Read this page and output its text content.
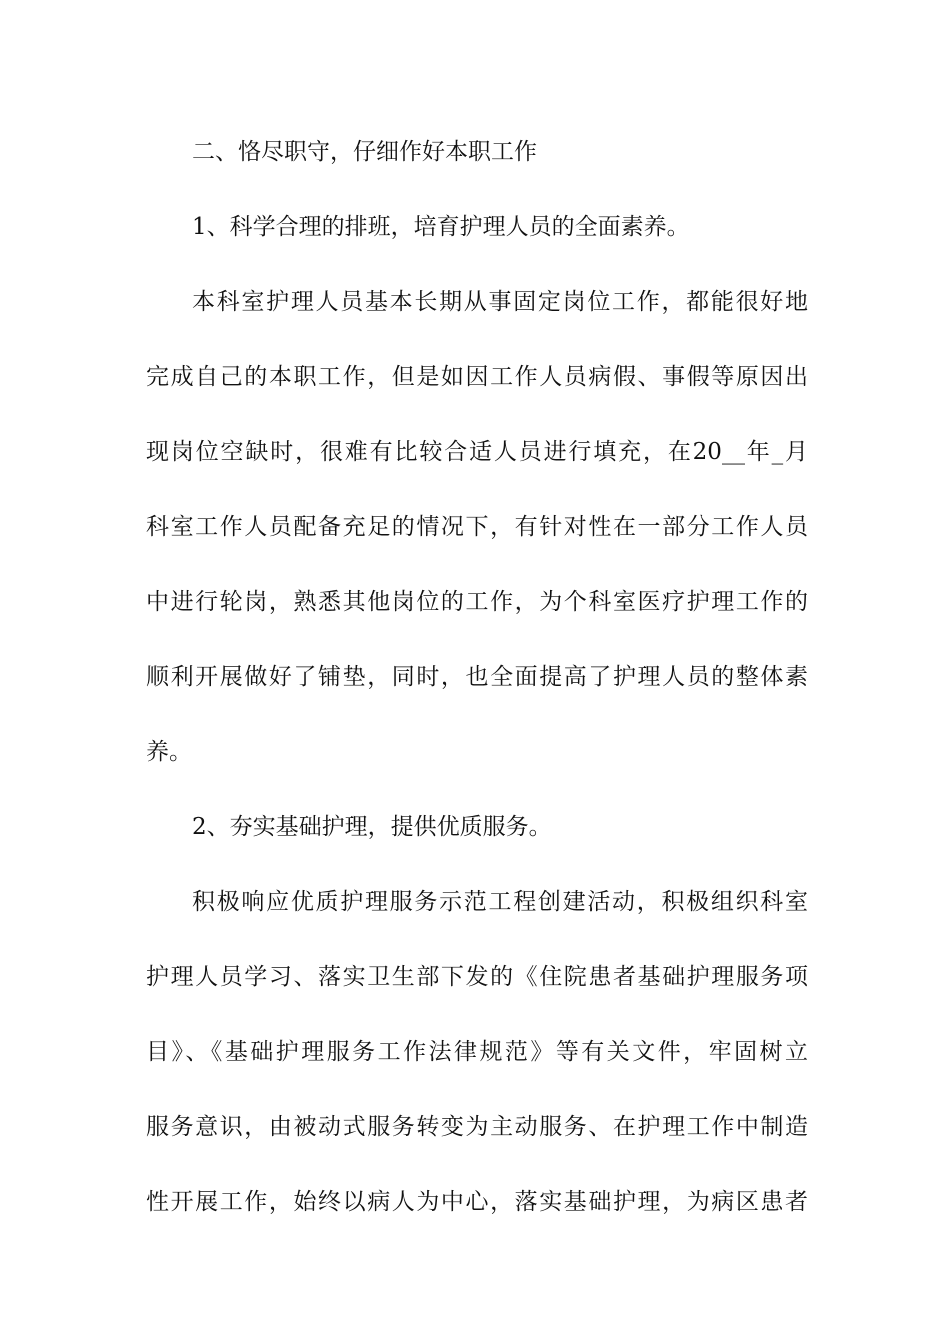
二、恪尽职守，仔细作好本职工作
1、科学合理的排班，培育护理人员的全面素养。
本科室护理人员基本长期从事固定岗位工作，都能很好地
完成自己的本职工作，但是如因工作人员病假、事假等原因出
现岗位空缺时，很难有比较合适人员进行填充，在20__年_月
科室工作人员配备充足的情况下，有针对性在一部分工作人员
中进行轮岗，熟悉其他岗位的工作，为个科室医疗护理工作的
顺利开展做好了铺垫，同时，也全面提高了护理人员的整体素
养。
2、夯实基础护理，提供优质服务。
积极响应优质护理服务示范工程创建活动，积极组织科室
护理人员学习、落实卫生部下发的《住院患者基础护理服务项
目》、《基础护理服务工作法律规范》等有关文件，牢固树立
服务意识，由被动式服务转变为主动服务、在护理工作中制造
性开展工作，始终以病人为中心，落实基础护理，为病区患者
